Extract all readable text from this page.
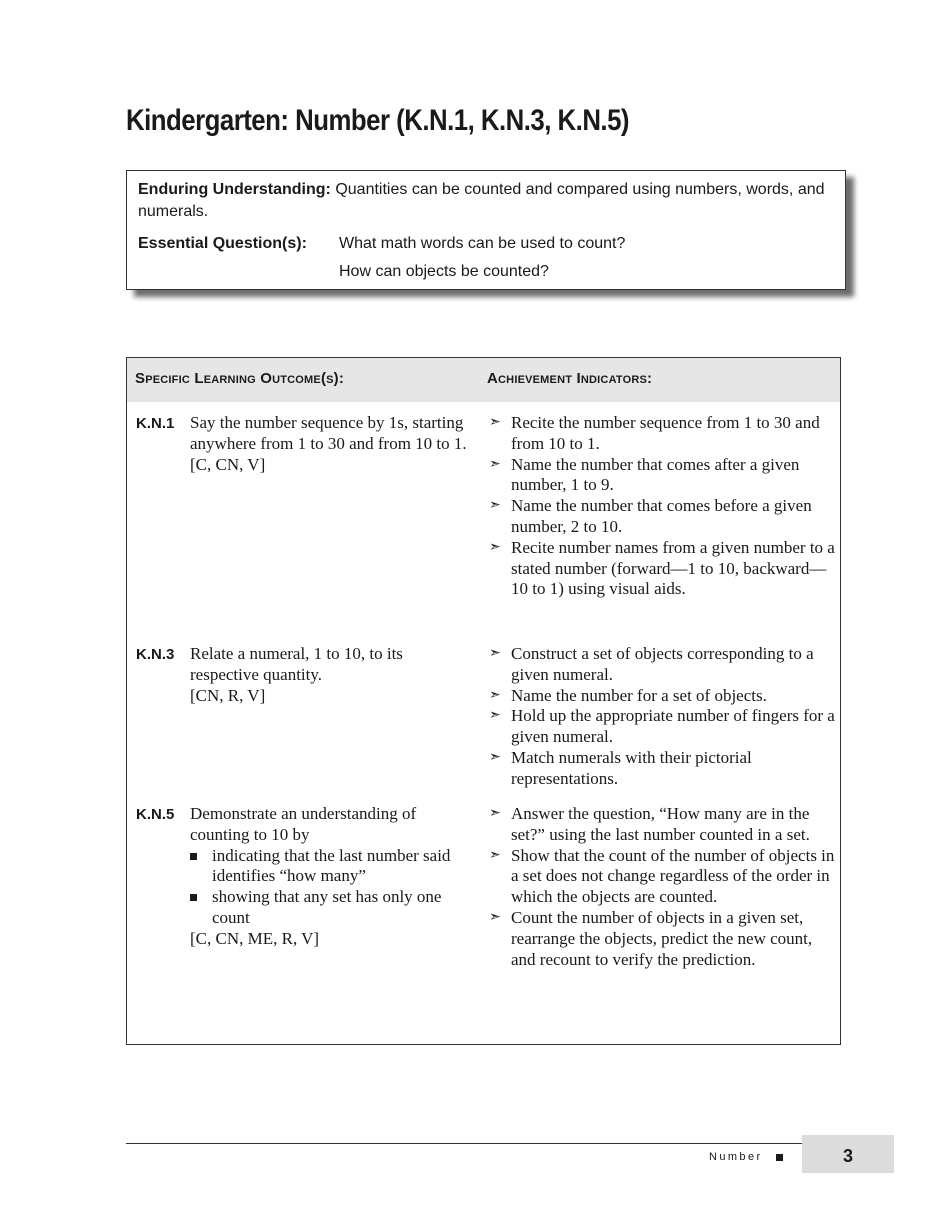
Kindergarten: Number (K.N.1, K.N.3, K.N.5)
Enduring Understanding: Quantities can be counted and compared using numbers, words, and numerals.
Essential Question(s):	What math words can be used to count?
How can objects be counted?
Specific Learning Outcome(s):	Achievement Indicators:
K.N.1 Say the number sequence by 1s, starting anywhere from 1 to 30 and from 10 to 1.
[C, CN, V]
➣ Recite the number sequence from 1 to 30 and from 10 to 1.
➣ Name the number that comes after a given number, 1 to 9.
➣ Name the number that comes before a given number, 2 to 10.
➣ Recite number names from a given number to a stated number (forward—1 to 10, backward—10 to 1) using visual aids.
K.N.3 Relate a numeral, 1 to 10, to its respective quantity.
[CN, R, V]
➣ Construct a set of objects corresponding to a given numeral.
➣ Name the number for a set of objects.
➣ Hold up the appropriate number of fingers for a given numeral.
➣ Match numerals with their pictorial representations.
K.N.5 Demonstrate an understanding of counting to 10 by
indicating that the last number said identifies “how many”
showing that any set has only one count
[C, CN, ME, R, V]
➣ Answer the question, “How many are in the set?” using the last number counted in a set.
➣ Show that the count of the number of objects in a set does not change regardless of the order in which the objects are counted.
➣ Count the number of objects in a given set, rearrange the objects, predict the new count, and recount to verify the prediction.
Number	3
